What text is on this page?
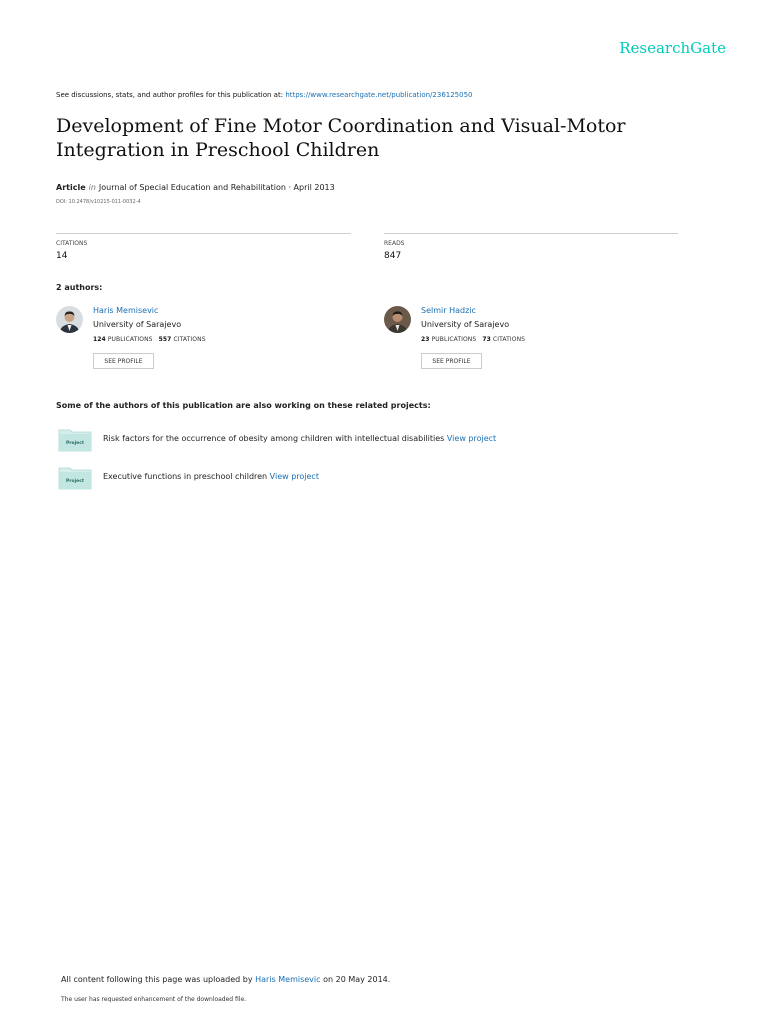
ResearchGate
See discussions, stats, and author profiles for this publication at: https://www.researchgate.net/publication/236125050
Development of Fine Motor Coordination and Visual-Motor Integration in Preschool Children
Article in Journal of Special Education and Rehabilitation · April 2013
DOI: 10.2478/v10215-011-0032-4
CITATIONS
14
READS
847
2 authors:
Haris Memisevic
University of Sarajevo
124 PUBLICATIONS 557 CITATIONS
SEE PROFILE
Selmir Hadzic
University of Sarajevo
23 PUBLICATIONS 73 CITATIONS
SEE PROFILE
Some of the authors of this publication are also working on these related projects:
Project
Risk factors for the occurrence of obesity among children with intellectual disabilities View project
Project
Executive functions in preschool children View project
All content following this page was uploaded by Haris Memisevic on 20 May 2014.
The user has requested enhancement of the downloaded file.
